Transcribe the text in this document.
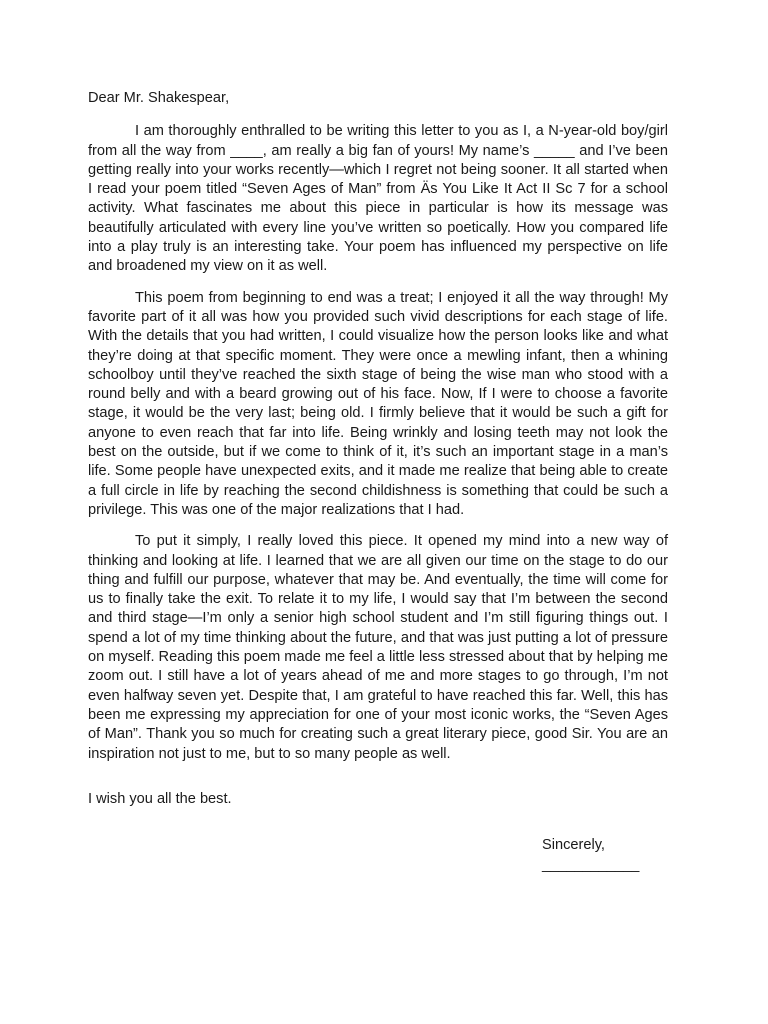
Dear Mr. Shakespear,

I am thoroughly enthralled to be writing this letter to you as I, a N-year-old boy/girl from all the way from ____, am really a big fan of yours! My name’s _____ and I’ve been getting really into your works recently—which I regret not being sooner. It all started when I read your poem titled “Seven Ages of Man” from Äs You Like It Act II Sc 7 for a school activity. What fascinates me about this piece in particular is how its message was beautifully articulated with every line you’ve written so poetically. How you compared life into a play truly is an interesting take. Your poem has influenced my perspective on life and broadened my view on it as well.

This poem from beginning to end was a treat; I enjoyed it all the way through! My favorite part of it all was how you provided such vivid descriptions for each stage of life. With the details that you had written, I could visualize how the person looks like and what they’re doing at that specific moment. They were once a mewling infant, then a whining schoolboy until they’ve reached the sixth stage of being the wise man who stood with a round belly and with a beard growing out of his face. Now, If I were to choose a favorite stage, it would be the very last; being old. I firmly believe that it would be such a gift for anyone to even reach that far into life. Being wrinkly and losing teeth may not look the best on the outside, but if we come to think of it, it’s such an important stage in a man’s life. Some people have unexpected exits, and it made me realize that being able to create a full circle in life by reaching the second childishness is something that could be such a privilege. This was one of the major realizations that I had.

To put it simply, I really loved this piece. It opened my mind into a new way of thinking and looking at life. I learned that we are all given our time on the stage to do our thing and fulfill our purpose, whatever that may be. And eventually, the time will come for us to finally take the exit. To relate it to my life, I would say that I’m between the second and third stage—I’m only a senior high school student and I’m still figuring things out. I spend a lot of my time thinking about the future, and that was just putting a lot of pressure on myself. Reading this poem made me feel a little less stressed about that by helping me zoom out. I still have a lot of years ahead of me and more stages to go through, I’m not even halfway seven yet. Despite that, I am grateful to have reached this far. Well, this has been me expressing my appreciation for one of your most iconic works, the “Seven Ages of Man”. Thank you so much for creating such a great literary piece, good Sir. You are an inspiration not just to me, but to so many people as well.

I wish you all the best.

Sincerely,
____________
